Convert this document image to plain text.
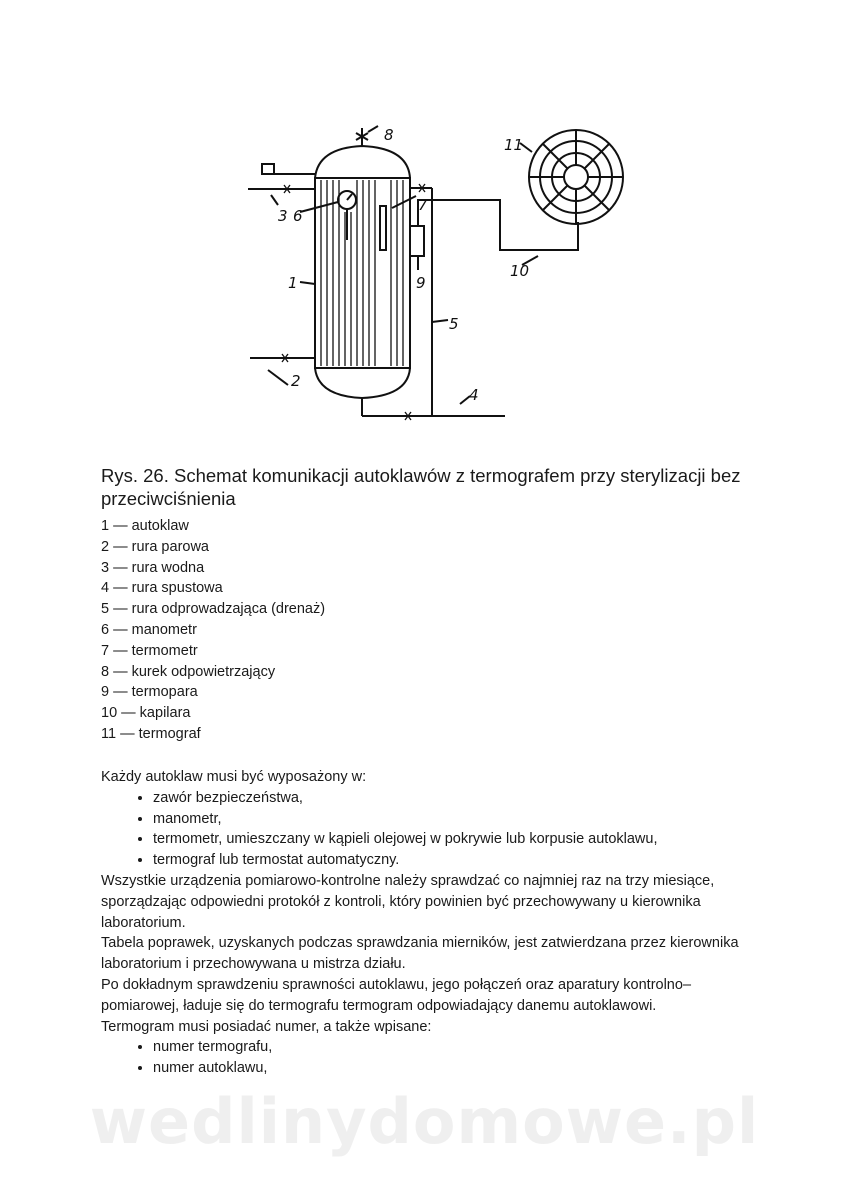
8
11
3 6
7
9
10
1
5
2
4
Rys. 26. Schemat komunikacji autoklawów z termografem przy sterylizacji bez przeciwciśnienia
1 — autoklaw
2 — rura parowa
3 — rura wodna
4 — rura spustowa
5 — rura odprowadzająca (drenaż)
6 — manometr
7 — termometr
8 — kurek odpowietrzający
9 — termopara
10 — kapilara
11 — termograf

Każdy autoklaw musi być wyposażony w:

• zawór bezpieczeństwa,
• manometr,
• termometr, umieszczany w kąpieli olejowej w pokrywie lub korpusie autoklawu,
• termograf lub termostat automatyczny.

Wszystkie urządzenia pomiarowo-kontrolne należy sprawdzać co najmniej raz na trzy miesiące, sporządzając odpowiedni protokół z kontroli, który powinien być przechowywany u kierownika laboratorium.

Tabela poprawek, uzyskanych podczas sprawdzania mierników, jest zatwierdzana przez kierownika laboratorium i przechowywana u mistrza działu.

Po dokładnym sprawdzeniu sprawności autoklawu, jego połączeń oraz aparatury kontrolno–pomiarowej, ładuje się do termografu termogram odpowiadający danemu autoklawowi.

Termogram musi posiadać numer, a także wpisane:

• numer termografu,
• numer autoklawu,
wedlinydomowe.pl
